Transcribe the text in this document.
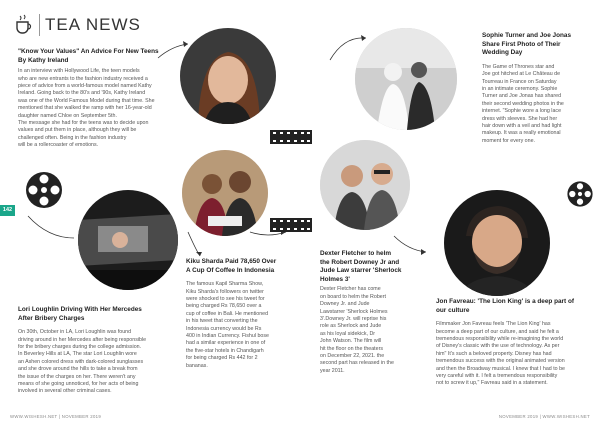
TEA NEWS
142
"Know Your Values" An Advice For New Teens
By Kathy Ireland
In an interview with Hollywood Life, the teen models
who are new entrants to the fashion industry received a
piece of advice from a world-famous model named Kathy
Ireland. Going back to the 80's and '90s, Kathy Ireland
was one of the World Famous Model during that time. She
mentioned that she walked the ramp with her 16-year-old
daughter named Chloe on September 5th.
The message she had for the teens was to decide upon
values and put them in place, although they will be
challenged often. Being in the fashion industry
will be a rollercoaster of emotions.
Sophie Turner and Joe Jonas
Share First Photo of Their
Wedding Day
The Game of Thrones star and
Joe got hitched at Le Château de
Tourreau in France on Saturday
in an intimate ceremony. Sophie
Turner and Joe Jonas has shared
their second wedding photos in the
internet. "Sophie wore a long lace
dress with sleeves. She had her
hair down with a veil and had light
makeup. It was a really emotional
moment for every one.
Kiku Sharda Paid 78,650 Over
A Cup Of Coffee In Indonesia
The famous Kapil Sharma Show,
Kiku Sharda's followers on twitter
were shocked to see his tweet for
being charged Rs 78,650 over a
cup of coffee in Bali. He mentioned
in his tweet that converting the
Indonesia currency would be Rs
400 in Indian Currency. Fishul bose
had a similar experience in one of
the five-star hotels in Chandigarh
for being charged Rs 442 for 2
bananas.
Dexter Fletcher to helm
the Robert Downey Jr and
Jude Law starrer 'Sherlock
Holmes 3'
Dexter Fletcher has come
on board to helm the Robert
Downey Jr. and Jude
Lawstarrer 'Sherlock Holmes
3'.Downey Jr. will reprise his
role as Sherlock and Jude
as his loyal sidekick, Dr
John Watson. The film will
hit the floor on the theaters
on December 22, 2021. the
second part has released in the
year 2011.
Jon Favreau: 'The Lion King' is a deep part of
our culture
Filmmaker Jon Favreau feels 'The Lion King' has
become a deep part of our culture, and said he felt a
tremendous responsibility while re-imagining the world
of Disney's classic with the use of technology. As per
him" It's such a beloved property. Disney has had
tremendous success with the original animated version
and then the Broadway musical. I knew that I had to be
very careful with it. I felt a tremendous responsibility
not to screw it up," Favreau said in a statement.
Lori Loughlin Driving With Her Mercedes
After Bribery Charges
On 30th, October in LA, Lori Loughlin was found
driving around in her Mercedes after being responsible
for the bribery charges during the college admission.
In Beverley Hills at LA, The star Lori Loughlin wore
an Ashen colored dress with dark-colored sunglasses
and she drove around the hills to take a break from
the issue of the charges on her. There weren't any
means of she going unnoticed, for her acts of being
involved in several other criminal cases.
WWW.WISHESH.NET | NOVEMBER 2019	NOVEMBER 2019 | WWW.WISHESH.NET
